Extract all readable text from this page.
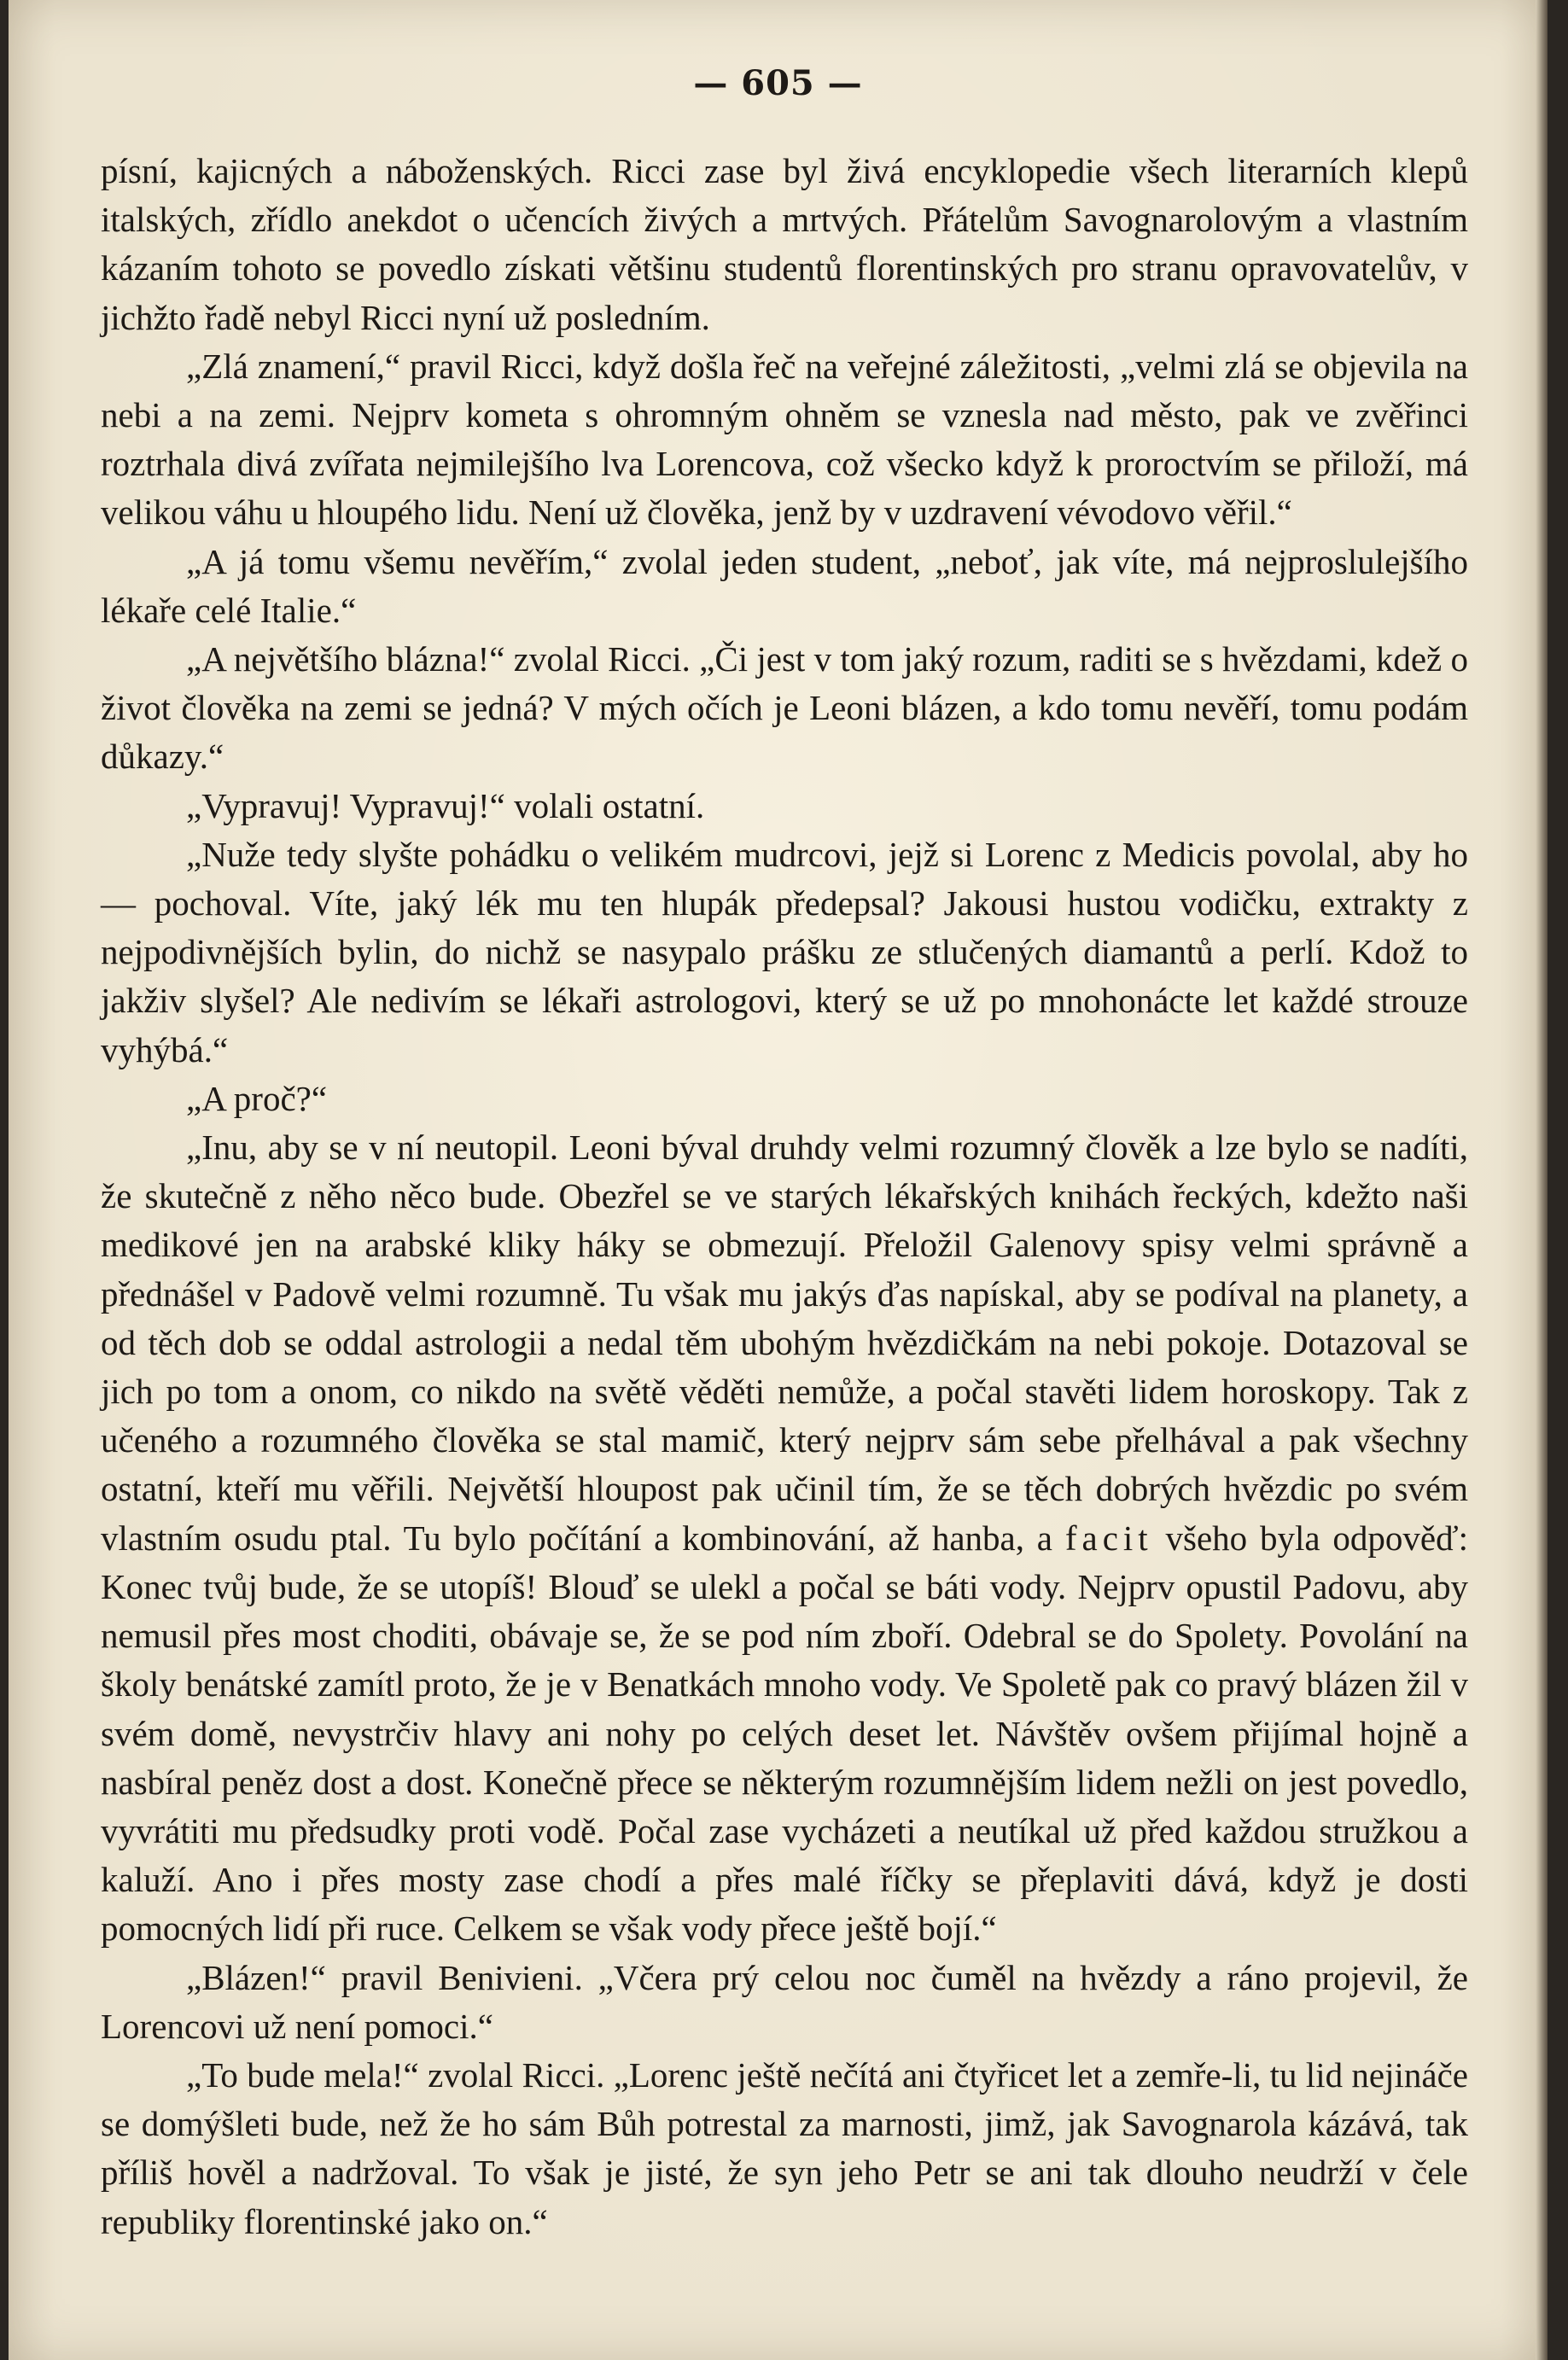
— 605 —

písní, kajicných a náboženských. Ricci zase byl živá encyklopedie všech literarních klepů italských, zřídlo anekdot o učencích živých a mrtvých. Přátelům Savognarolovým a vlastním kázaním tohoto se povedlo získati většinu studentů florentinských pro stranu opravovatelův, v jichžto řadě nebyl Ricci nyní už posledním.

„Zlá znamení,“ pravil Ricci, když došla řeč na veřejné záležitosti, „velmi zlá se objevila na nebi a na zemi. Nejprv kometa s ohromným ohněm se vznesla nad město, pak ve zvěřinci roztrhala divá zvířata nejmilejšího lva Lorencova, což všecko když k proroctvím se přiloží, má velikou váhu u hloupého lidu. Není už člověka, jenž by v uzdravení vévodovo věřil.“

„A já tomu všemu nevěřím,“ zvolal jeden student, „neboť, jak víte, má nejproslulejšího lékaře celé Italie.“

„A největšího blázna!“ zvolal Ricci. „Či jest v tom jaký rozum, raditi se s hvězdami, kdež o život člověka na zemi se jedná? V mých očích je Leoni blázen, a kdo tomu nevěří, tomu podám důkazy.“

„Vypravuj! Vypravuj!“ volali ostatní.

„Nuže tedy slyšte pohádku o velikém mudrcovi, jejž si Lorenc z Medicis povolal, aby ho — pochoval. Víte, jaký lék mu ten hlupák předepsal? Jakousi hustou vodičku, extrakty z nejpodivnějších bylin, do nichž se nasypalo prášku ze stlučených diamantů a perlí. Kdož to jakživ slyšel? Ale nedivím se lékaři astrologovi, který se už po mnohonácte let každé strouze vyhýbá.“

„A proč?“

„Inu, aby se v ní neutopil. Leoni býval druhdy velmi rozumný člověk a lze bylo se nadíti, že skutečně z něho něco bude. Obezřel se ve starých lékařských knihách řeckých, kdežto naši medikové jen na arabské kliky háky se obmezují. Přeložil Galenovy spisy velmi správně a přednášel v Padově velmi rozumně. Tu však mu jakýs ďas napískal, aby se podíval na planety, a od těch dob se oddal astrologii a nedal těm ubohým hvězdičkám na nebi pokoje. Dotazoval se jich po tom a onom, co nikdo na světě věděti nemůže, a počal stavěti lidem horoskopy. Tak z učeného a rozumného člověka se stal mamič, který nejprv sám sebe přelhával a pak všechny ostatní, kteří mu věřili. Největší hloupost pak učinil tím, že se těch dobrých hvězdic po svém vlastním osudu ptal. Tu bylo počítání a kombinování, až hanba, a facit všeho byla odpověď: Konec tvůj bude, že se utopíš! Blouď se ulekl a počal se báti vody. Nejprv opustil Padovu, aby nemusil přes most choditi, obávaje se, že se pod ním zboří. Odebral se do Spolety. Povolání na školy benátské zamítl proto, že je v Benatkách mnoho vody. Ve Spoletě pak co pravý blázen žil v svém domě, nevystrčiv hlavy ani nohy po celých deset let. Návštěv ovšem přijímal hojně a nasbíral peněz dost a dost. Konečně přece se některým rozumnějším lidem nežli on jest povedlo, vyvrátiti mu předsudky proti vodě. Počal zase vycházeti a neutíkal už před každou stružkou a kaluží. Ano i přes mosty zase chodí a přes malé říčky se přeplaviti dává, když je dosti pomocných lidí při ruce. Celkem se však vody přece ještě bojí.“

„Blázen!“ pravil Benivieni. „Včera prý celou noc čuměl na hvězdy a ráno projevil, že Lorencovi už není pomoci.“

„To bude mela!“ zvolal Ricci. „Lorenc ještě nečítá ani čtyřicet let a zemře-li, tu lid nejináče se domýšleti bude, než že ho sám Bůh potrestal za marnosti, jimž, jak Savognarola kázává, tak příliš hověl a nadržoval. To však je jisté, že syn jeho Petr se ani tak dlouho neudrží v čele republiky florentinské jako on.“
